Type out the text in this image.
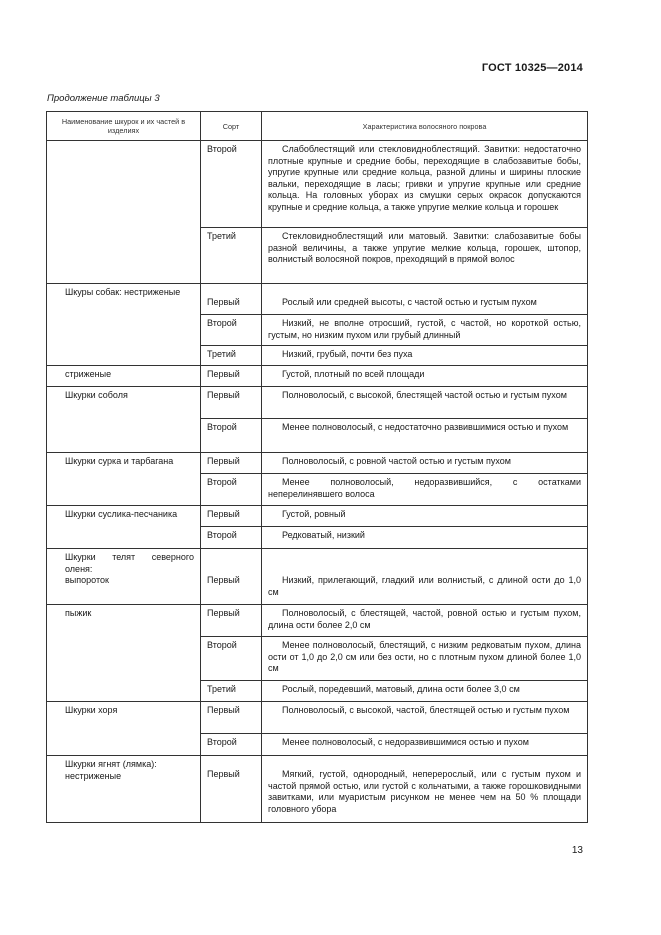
ГОСТ 10325—2014
Продолжение таблицы 3
Наименование шкурок и их частей в изделиях	Сорт	Характеристика волосяного покрова
	Второй	Слабоблестящий или стекловидноблестящий. Завитки: недостаточно плотные крупные и средние бобы, переходящие в слабозавитые бобы, упругие крупные или средние кольца, разной длины и ширины плоские вальки, переходящие в ласы; гривки и упругие крупные или средние кольца. На головных уборах из смушки серых окрасок допускаются крупные и средние кольца, а также упругие мелкие кольца и горошек
	Третий	Стекловидноблестящий или матовый. Завитки: слабозавитые бобы разной величины, а также упругие мелкие кольца, горошек, штопор, волнистый волосяной покров, преходящий в прямой волос
Шкуры собак: нестриженые	Первый	Рослый или средней высоты, с частой остью и густым пухом
	Второй	Низкий, не вполне отросший, густой, с частой, но короткой остью, густым, но низким пухом или грубый длинный
	Третий	Низкий, грубый, почти без пуха
стриженые	Первый	Густой, плотный по всей площади
Шкурки соболя	Первый	Полноволосый, с высокой, блестящей частой остью и густым пухом
	Второй	Менее полноволосый, с недостаточно развившимися остью и пухом
Шкурки сурка и тарбагана	Первый	Полноволосый, с ровной частой остью и густым пухом
	Второй	Менее полноволосый, недоразвившийся, с остатками неперелинявшего волоса
Шкурки суслика-песчаника	Первый	Густой, ровный
	Второй	Редковатый, низкий

Шкурки телят северного оленя:
выпороток	Первый	Низкий, прилегающий, гладкий или волнистый, с длиной ости до 1,0 см
пыжик	Первый	Полноволосый, с блестящей, частой, ровной остью и густым пухом, длина ости более 2,0 см
	Второй	Менее полноволосый, блестящий, с низким редковатым пухом, длина ости от 1,0 до 2,0 см или без ости, но с плотным пухом длиной более 1,0 см
	Третий	Рослый, поредевший, матовый, длина ости более 3,0 см
Шкурки хоря	Первый	Полноволосый, с высокой, частой, блестящей остью и густым пухом
	Второй	Менее полноволосый, с недоразвившимися остью и пухом
Шкурки ягнят (лямка): нестриженые	Первый	Мягкий, густой, однородный, неперерослый, или с густым пухом и частой прямой остью, или густой с кольчатыми, а также горошковидными завитками, или муаристым рисунком не менее чем на 50 % площади головного убора
13
